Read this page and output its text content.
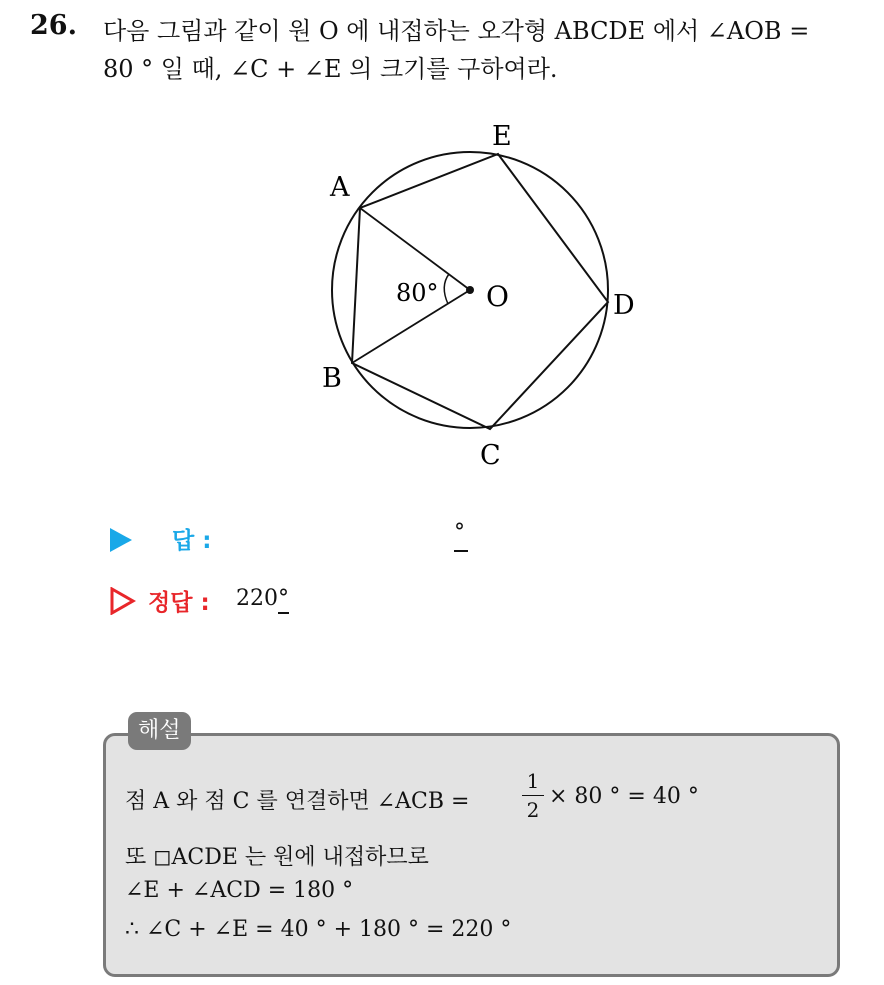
26. 다음 그림과 같이 원 O 에 내접하는 오각형 ABCDE 에서 ∠AOB =
80 ° 일 때, ∠C + ∠E 의 크기를 구하여라.
A
B
C
D
E
O
80°
답 :	°
정답 : 220°
해설
점 A 와 점 C 를 연결하면 ∠ACB =
1
2
× 80 ° = 40 °
또 ◻ACDE 는 원에 내접하므로
∠E + ∠ACD = 180 °
∴ ∠C + ∠E = 40 ° + 180 ° = 220 °
